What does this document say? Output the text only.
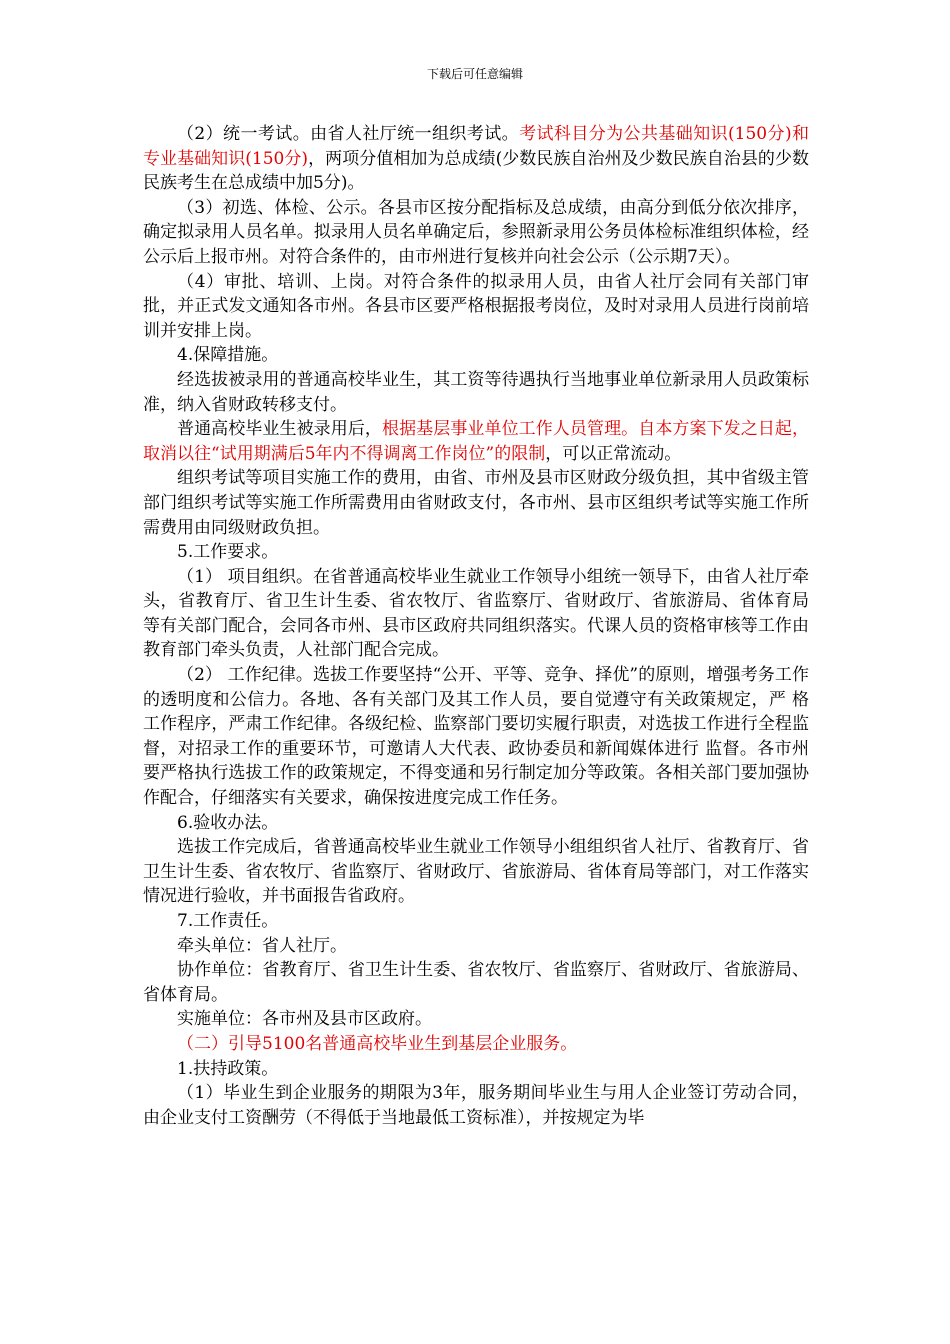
下载后可任意编辑

（2）统一考试。由省人社厅统一组织考试。考试科目分为公共基础知识(150分)和专业基础知识(150分)，两项分值相加为总成绩(少数民族自治州及少数民族自治县的少数民族考生在总成绩中加5分)。

（3）初选、体检、公示。各县市区按分配指标及总成绩，由高分到低分依次排序，确定拟录用人员名单。拟录用人员名单确定后，参照新录用公务员体检标准组织体检，经公示后上报市州。对符合条件的，由市州进行复核并向社会公示（公示期7天）。

（4）审批、培训、上岗。对符合条件的拟录用人员，由省人社厅会同有关部门审批，并正式发文通知各市州。各县市区要严格根据报考岗位，及时对录用人员进行岗前培训并安排上岗。

4.保障措施。

经选拔被录用的普通高校毕业生，其工资等待遇执行当地事业单位新录用人员政策标准，纳入省财政转移支付。

普通高校毕业生被录用后，根据基层事业单位工作人员管理。自本方案下发之日起，取消以往“试用期满后5年内不得调离工作岗位”的限制，可以正常流动。

组织考试等项目实施工作的费用，由省、市州及县市区财政分级负担，其中省级主管部门组织考试等实施工作所需费用由省财政支付，各市州、县市区组织考试等实施工作所需费用由同级财政负担。

5.工作要求。

（1） 项目组织。在省普通高校毕业生就业工作领导小组统一领导下，由省人社厅牵头，省教育厅、省卫生计生委、省农牧厅、省监察厅、省财政厅、省旅游局、省体育局 等有关部门配合，会同各市州、县市区政府共同组织落实。代课人员的资格审核等工作由教育部门牵头负责，人社部门配合完成。

（2） 工作纪律。选拔工作要坚持“公开、平等、竞争、择优”的原则，增强考务工作的透明度和公信力。各地、各有关部门及其工作人员，要自觉遵守有关政策规定，严 格工作程序，严肃工作纪律。各级纪检、监察部门要切实履行职责，对选拔工作进行全程监督，对招录工作的重要环节，可邀请人大代表、政协委员和新闻媒体进行 监督。各市州要严格执行选拔工作的政策规定，不得变通和另行制定加分等政策。各相关部门要加强协作配合，仔细落实有关要求，确保按进度完成工作任务。

6.验收办法。

选拔工作完成后，省普通高校毕业生就业工作领导小组组织省人社厅、省教育厅、省卫生计生委、省农牧厅、省监察厅、省财政厅、省旅游局、省体育局等部门，对工作落实情况进行验收，并书面报告省政府。

7.工作责任。

牵头单位：省人社厅。

协作单位：省教育厅、省卫生计生委、省农牧厅、省监察厅、省财政厅、省旅游局、省体育局。

实施单位：各市州及县市区政府。

（二）引导5100名普通高校毕业生到基层企业服务。

1.扶持政策。

（1）毕业生到企业服务的期限为3年，服务期间毕业生与用人企业签订劳动合同，由企业支付工资酬劳（不得低于当地最低工资标准），并按规定为毕
